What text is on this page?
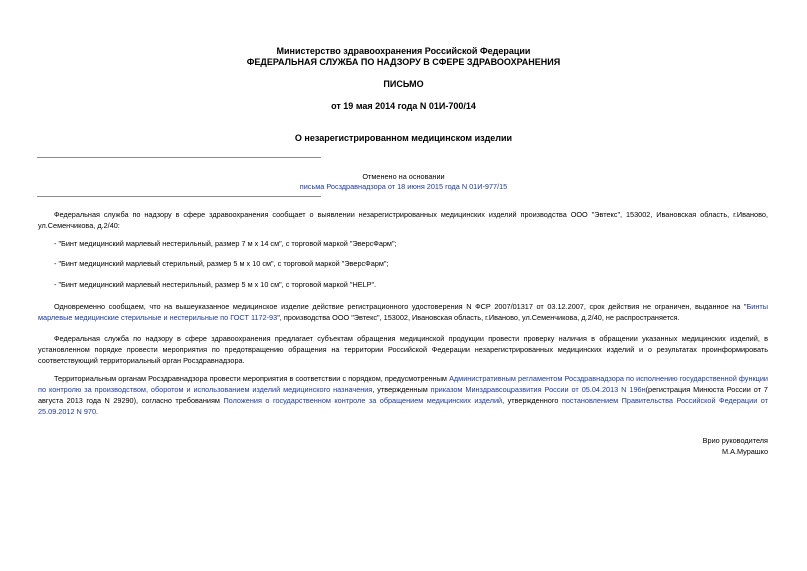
Министерство здравоохранения Российской Федерации
ФЕДЕРАЛЬНАЯ СЛУЖБА ПО НАДЗОРУ В СФЕРЕ ЗДРАВООХРАНЕНИЯ
ПИСЬМО
от 19 мая 2014 года N 01И-700/14
О незарегистрированном медицинском изделии
Отменено на основании
письма Росздравнадзора от 18 июня 2015 года N 01И-977/15
Федеральная служба по надзору в сфере здравоохранения сообщает о выявлении незарегистрированных медицинских изделий производства ООО "Эвтекс", 153002, Ивановская область, г.Иваново, ул.Семенчикова, д.2/40:
- "Бинт медицинский марлевый нестерильный, размер 7 м x 14 см", с торговой маркой "ЭверсФарм";
- "Бинт медицинский марлевый стерильный, размер 5 м x 10 см", с торговой маркой "ЭверсФарм";
- "Бинт медицинский марлевый нестерильный, размер 5 м x 10 см", с торговой маркой "HELP".
Одновременно сообщаем, что на вышеуказанное медицинское изделие действие регистрационного удостоверения N ФСР 2007/01317 от 03.12.2007, срок действия не ограничен, выданное на "Бинты марлевые медицинские стерильные и нестерильные по ГОСТ 1172-93", производства ООО "Эвтекс", 153002, Ивановская область, г.Иваново, ул.Семенчикова, д.2/40, не распространяется.
Федеральная служба по надзору в сфере здравоохранения предлагает субъектам обращения медицинской продукции провести проверку наличия в обращении указанных медицинских изделий, в установленном порядке провести мероприятия по предотвращению обращения на территории Российской Федерации незарегистрированных медицинских изделий и о результатах проинформировать соответствующий территориальный орган Росздравнадзора.
Территориальным органам Росздравнадзора провести мероприятия в соответствии с порядком, предусмотренным Административным регламентом Росздравнадзора по исполнению государственной функции по контролю за производством, оборотом и использованием изделий медицинского назначения, утвержденным приказом Минздравсоцразвития России от 05.04.2013 N 196н(регистрация Минюста России от 7 августа 2013 года N 29290), согласно требованиям Положения о государственном контроле за обращением медицинских изделий, утвержденного постановлением Правительства Российской Федерации от 25.09.2012 N 970.
Врио руководителя
М.А.Мурашко
